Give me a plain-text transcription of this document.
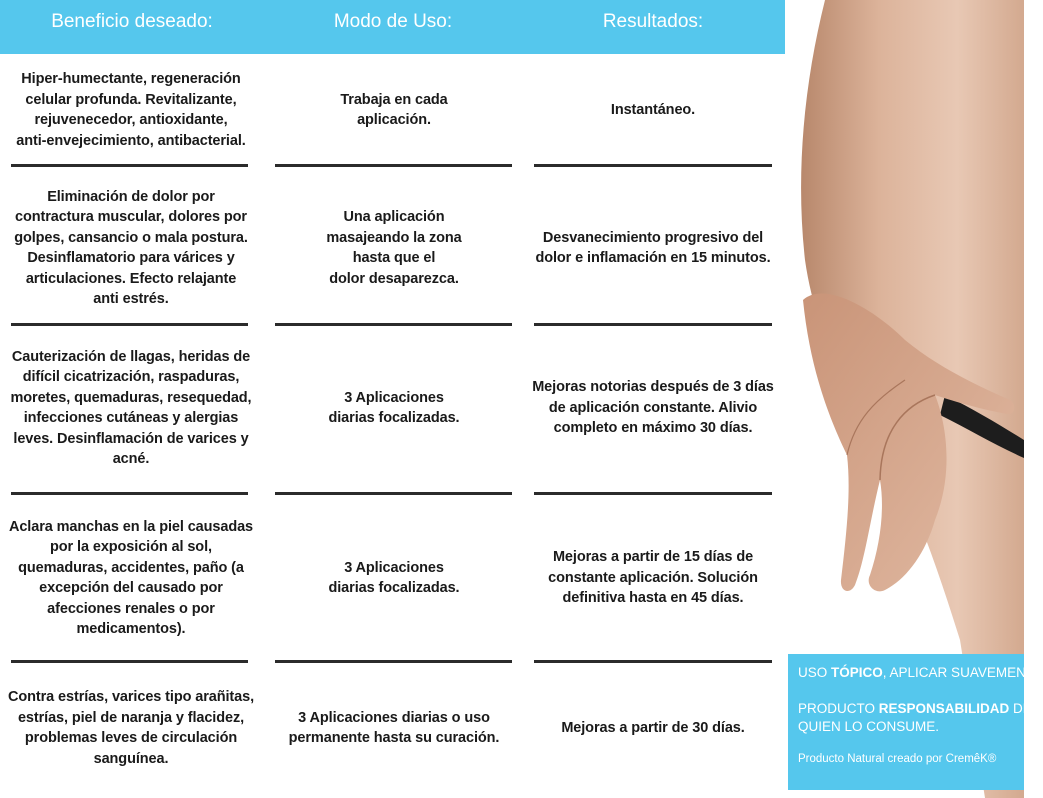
Beneficio deseado:	Modo de Uso:	Resultados:
Hiper-humectante, regeneración
celular profunda. Revitalizante,
rejuvenecedor, antioxidante,
anti-envejecimiento, antibacterial.
Trabaja en cada
aplicación.
Instantáneo.
Eliminación de dolor por
contractura muscular, dolores por
golpes, cansancio o mala postura.
Desinflamatorio para várices y
articulaciones. Efecto relajante
anti estrés.
Una aplicación
masajeando la zona
hasta que el
dolor desaparezca.
Desvanecimiento progresivo del
dolor e inflamación en 15 minutos.
Cauterización de llagas, heridas de
difícil cicatrización, raspaduras,
moretes, quemaduras, resequedad,
infecciones cutáneas y alergias
leves. Desinflamación de varices y
acné.
3 Aplicaciones
diarias focalizadas.
Mejoras notorias después de 3 días
de aplicación constante. Alivio
completo en máximo 30 días.
Aclara manchas en la piel causadas
por la exposición al sol,
quemaduras, accidentes, paño (a
excepción del causado por
afecciones renales o por
medicamentos).
3 Aplicaciones
diarias focalizadas.
Mejoras a partir de 15 días de
constante aplicación. Solución
definitiva hasta en 45 días.
Contra estrías, varices tipo arañitas,
estrías, piel de naranja y flacidez,
problemas leves de circulación
sanguínea.
3 Aplicaciones diarias o uso
permanente hasta su curación.
Mejoras a partir de 30 días.
USO TÓPICO, APLICAR SUAVEMENTE
PRODUCTO RESPONSABILIDAD DE
QUIEN LO CONSUME.
Producto Natural creado por CremêK®
